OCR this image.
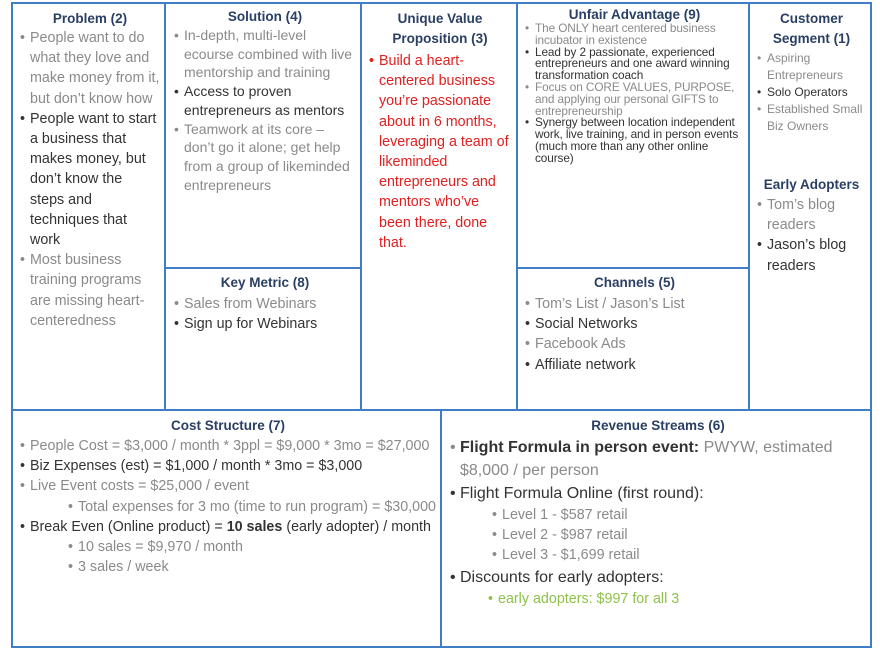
Problem (2)
• People want to do what they love and make money from it, but don’t know how
• People want to start a business that makes money, but don’t know the steps and techniques that work
• Most business training programs are missing heart-centeredness
Solution (4)
• In-depth, multi-level ecourse combined with live mentorship and training
• Access to proven entrepreneurs as mentors
• Teamwork at its core – don’t go it alone; get help from a group of likeminded entrepreneurs
Key Metric (8)
• Sales from Webinars
• Sign up for Webinars
Unique Value Proposition (3)
• Build a heart-centered business you’re passionate about in 6 months, leveraging a team of likeminded entrepreneurs and mentors who’ve been there, done that.
Unfair Advantage (9)
• The ONLY heart centered business incubator in existence
• Lead by 2 passionate, experienced entrepreneurs and one award winning transformation coach
• Focus on CORE VALUES, PURPOSE, and applying our personal GIFTS to entrepreneurship
• Synergy between location independent work, live training, and in person events (much more than any other online course)
Channels (5)
• Tom’s List / Jason’s List
• Social Networks
• Facebook Ads
• Affiliate network
Customer Segment (1)
• Aspiring Entrepreneurs
• Solo Operators
• Established Small Biz Owners
Early Adopters
• Tom’s blog readers
• Jason’s blog readers
Cost Structure (7)
• People Cost = $3,000 / month * 3ppl = $9,000 * 3mo = $27,000
• Biz Expenses (est) = $1,000 / month * 3mo = $3,000
• Live Event costs = $25,000 / event
• Total expenses for 3 mo (time to run program) = $30,000
• Break Even (Online product) = 10 sales (early adopter) / month
• 10 sales = $9,970 / month
• 3 sales / week
Revenue Streams (6)
• Flight Formula in person event: PWYW, estimated $8,000 / per person
• Flight Formula Online (first round):
• Level 1 - $587 retail
• Level 2 - $987 retail
• Level 3 - $1,699 retail
• Discounts for early adopters:
• early adopters: $997 for all 3
